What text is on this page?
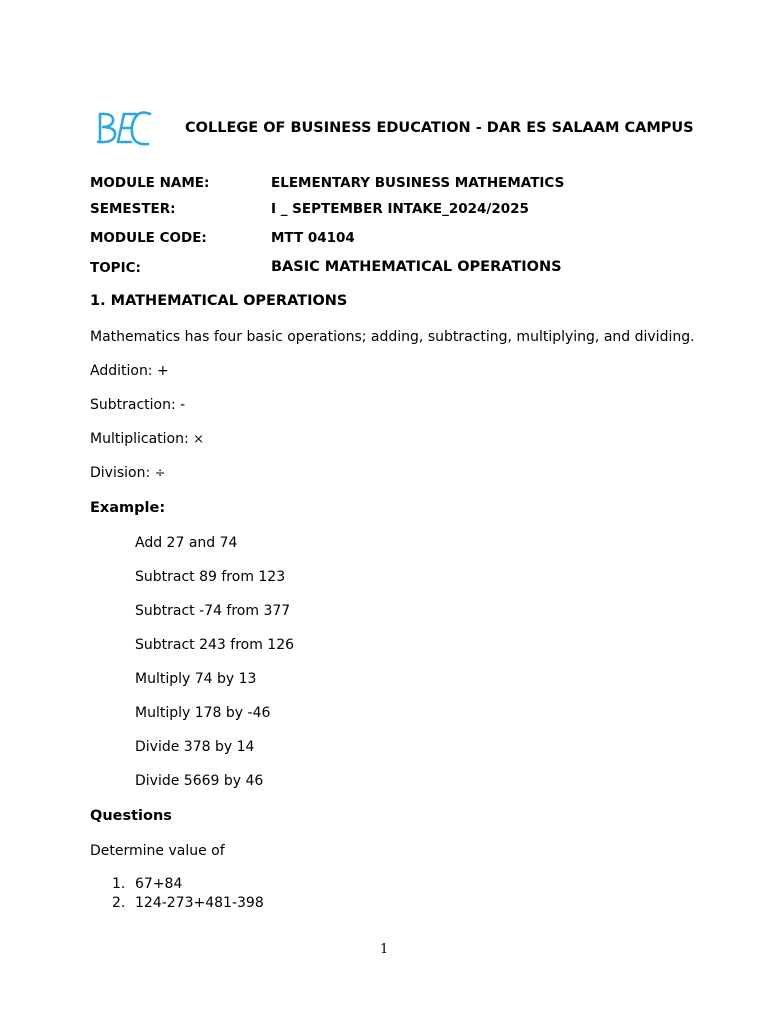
COLLEGE OF BUSINESS EDUCATION - DAR ES SALAAM CAMPUS
MODULE NAME:	ELEMENTARY BUSINESS MATHEMATICS
SEMESTER:	I _ SEPTEMBER INTAKE_2024/2025
MODULE CODE:	MTT 04104
TOPIC:	BASIC MATHEMATICAL OPERATIONS
1. MATHEMATICAL OPERATIONS
Mathematics has four basic operations; adding, subtracting, multiplying, and dividing.
Addition: +
Subtraction: -
Multiplication: ×
Division: ÷
Example:
Add 27 and 74
Subtract 89 from 123
Subtract -74 from 377
Subtract 243 from 126
Multiply 74 by 13
Multiply 178 by -46
Divide 378 by 14
Divide 5669 by 46
Questions
Determine value of
1. 67+84
2. 124-273+481-398
1
